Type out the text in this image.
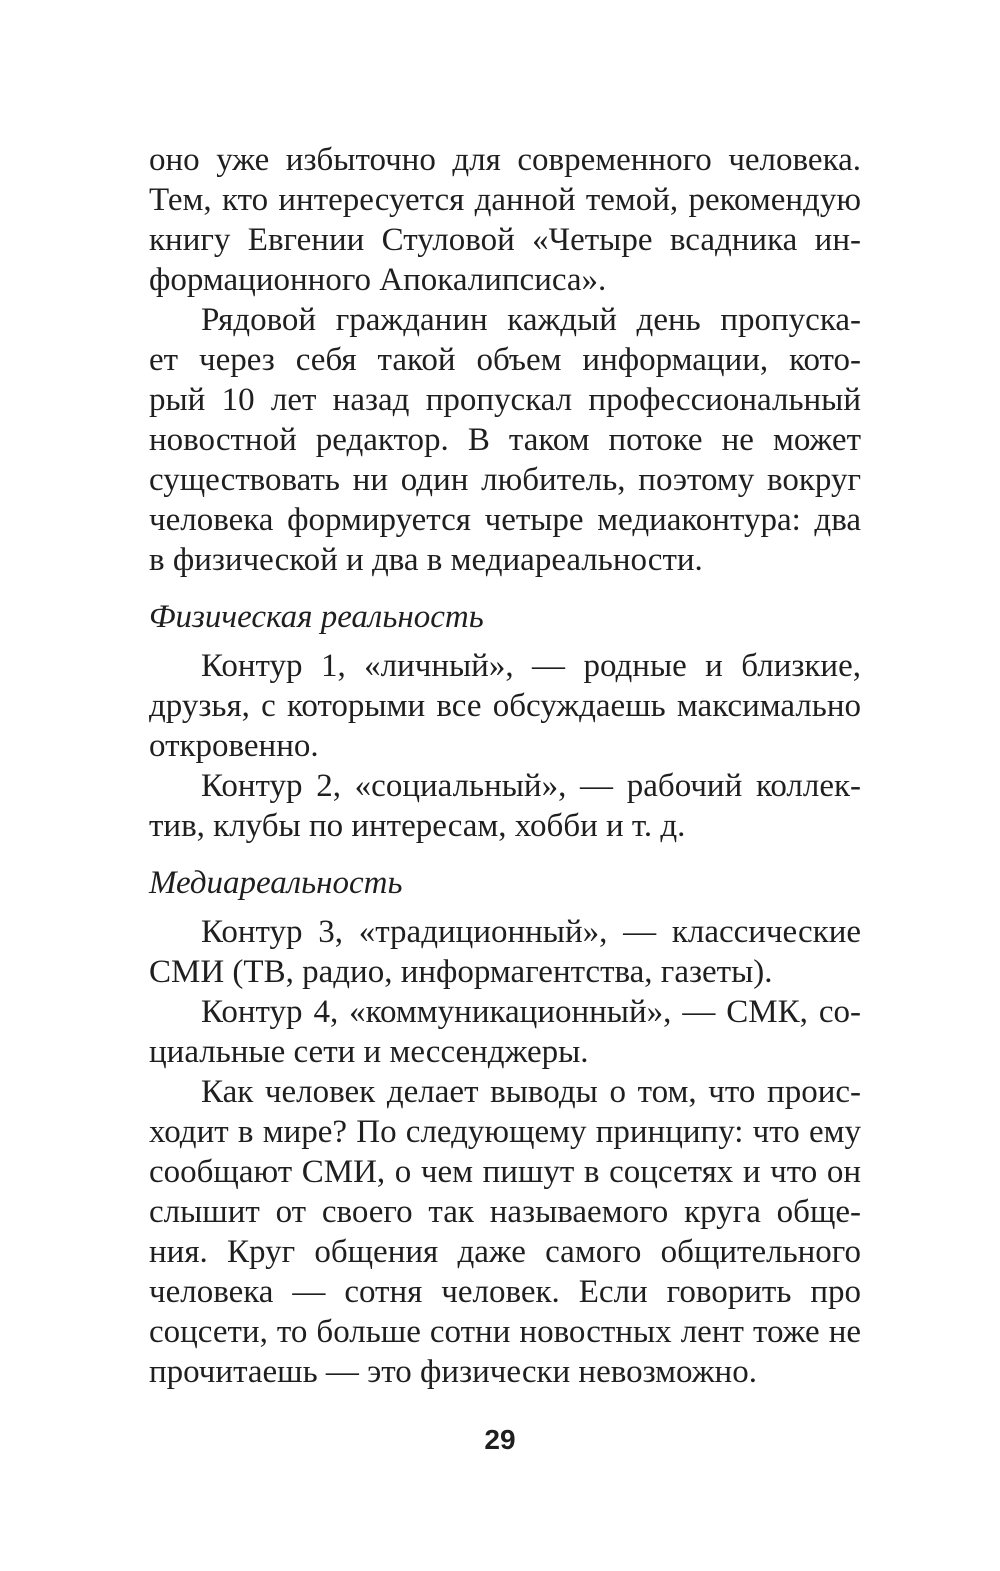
оно уже избыточно для современного человека.
Тем, кто интересуется данной темой, рекомендую
книгу Евгении Стуловой «Четыре всадника ин-
формационного Апокалипсиса».
Рядовой гражданин каждый день пропуска-
ет через себя такой объем информации, кото-
рый 10 лет назад пропускал профессиональный
новостной редактор. В таком потоке не может
существовать ни один любитель, поэтому вокруг
человека формируется четыре медиаконтура: два
в физической и два в медиареальности.
Физическая реальность
Контур 1, «личный», — родные и близкие,
друзья, с которыми все обсуждаешь максимально
откровенно.
Контур 2, «социальный», — рабочий коллек-
тив, клубы по интересам, хобби и т. д.
Медиареальность
Контур 3, «традиционный», — классические
СМИ (ТВ, радио, информагентства, газеты).
Контур 4, «коммуникационный», — СМК, со-
циальные сети и мессенджеры.
Как человек делает выводы о том, что проис-
ходит в мире? По следующему принципу: что ему
сообщают СМИ, о чем пишут в соцсетях и что он
слышит от своего так называемого круга обще-
ния. Круг общения даже самого общительного
человека — сотня человек. Если говорить про
соцсети, то больше сотни новостных лент тоже не
прочитаешь — это физически невозможно.
29
